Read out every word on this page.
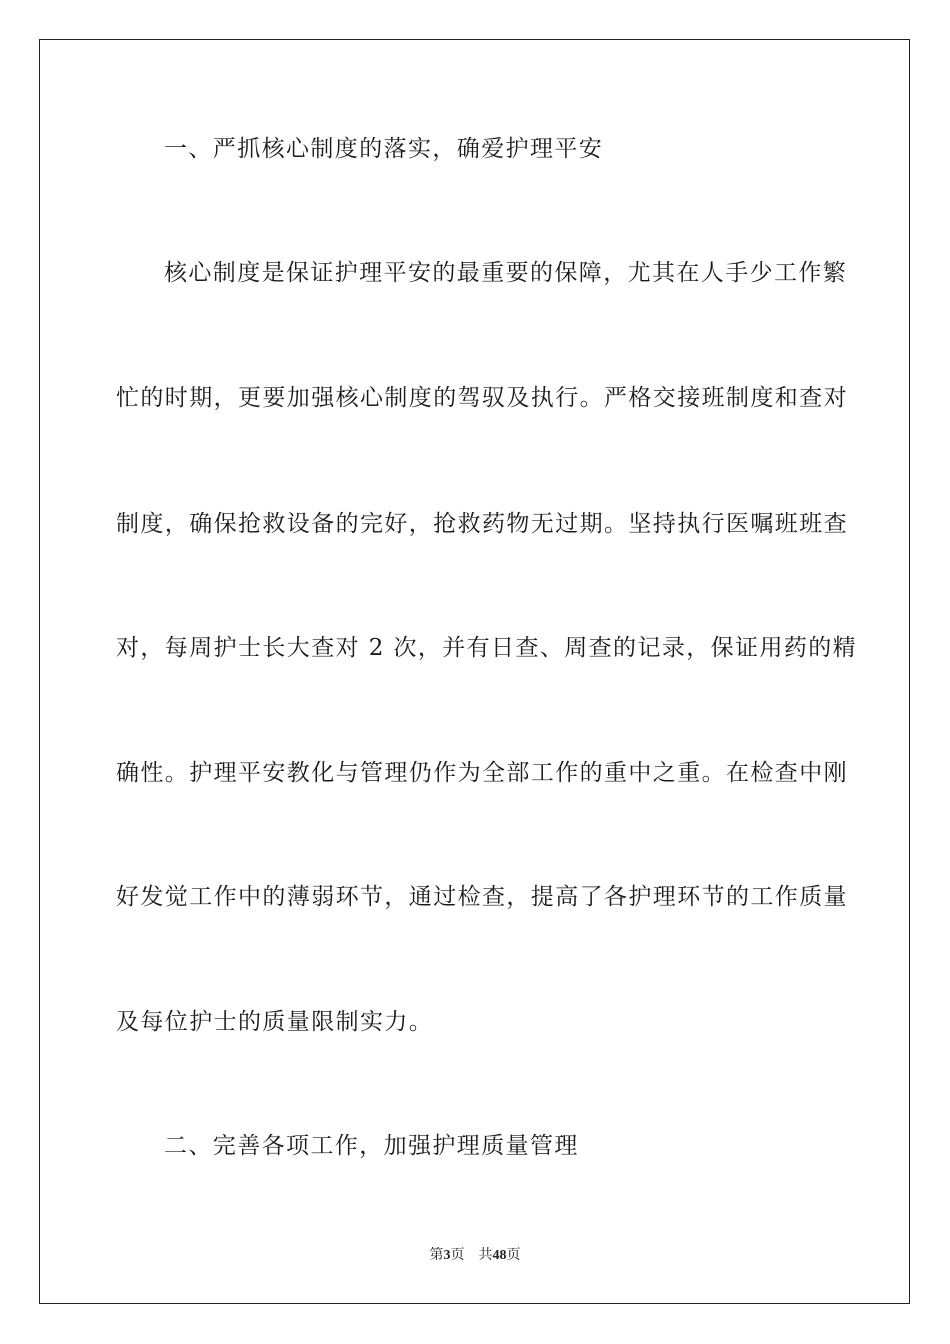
一、严抓核心制度的落实，确爱护理平安

核心制度是保证护理平安的最重要的保障，尤其在人手少工作繁

忙的时期，更要加强核心制度的驾驭及执行。严格交接班制度和查对

制度，确保抢救设备的完好，抢救药物无过期。坚持执行医嘱班班查

对，每周护士长大查对 2 次，并有日查、周查的记录，保证用药的精

确性。护理平安教化与管理仍作为全部工作的重中之重。在检查中刚

好发觉工作中的薄弱环节，通过检查，提高了各护理环节的工作质量

及每位护士的质量限制实力。

二、完善各项工作，加强护理质量管理

第3页 共48页
